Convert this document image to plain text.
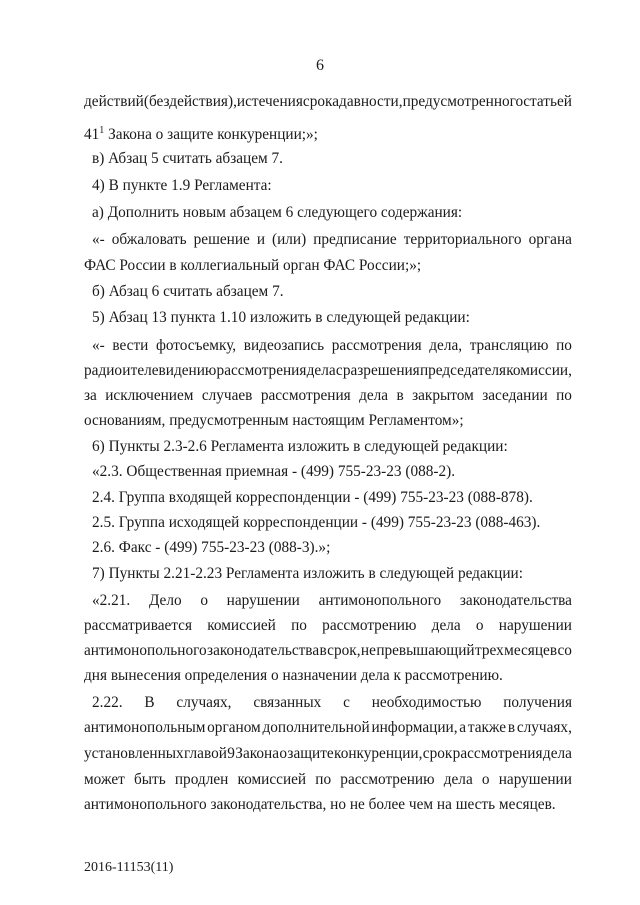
6
действий (бездействия), истечения срока давности, предусмотренного статьей
$41^1$ Закона о защите конкуренции;»;
в) Абзац 5 считать абзацем 7.
4) В пункте 1.9 Регламента:
а) Дополнить новым абзацем 6 следующего содержания:
«- обжаловать решение и (или) предписание территориального органа
ФАС России в коллегиальный орган ФАС России;»;
б) Абзац 6 считать абзацем 7.
5) Абзац 13 пункта 1.10 изложить в следующей редакции:
«- вести фотосъемку, видеозапись рассмотрения дела, трансляцию по
радио и телевидению рассмотрения дела с разрешения председателя комиссии,
за исключением случаев рассмотрения дела в закрытом заседании по
основаниям, предусмотренным настоящим Регламентом»;
6) Пункты 2.3-2.6 Регламента изложить в следующей редакции:
«2.3. Общественная приемная - (499) 755-23-23 (088-2).
2.4. Группа входящей корреспонденции - (499) 755-23-23 (088-878).
2.5. Группа исходящей корреспонденции - (499) 755-23-23 (088-463).
2.6. Факс - (499) 755-23-23 (088-3).»;
7) Пункты 2.21-2.23 Регламента изложить в следующей редакции:
«2.21. Дело о нарушении антимонопольного законодательства
рассматривается комиссией по рассмотрению дела о нарушении
антимонопольного законодательства в срок, не превышающий трех месяцев со
дня вынесения определения о назначении дела к рассмотрению.
2.22. В случаях, связанных с необходимостью получения
антимонопольным органом дополнительной информации, а также в случаях,
установленных главой 9 Закона о защите конкуренции, срок рассмотрения дела
может быть продлен комиссией по рассмотрению дела о нарушении
антимонопольного законодательства, но не более чем на шесть месяцев.
2016-11153(11)
